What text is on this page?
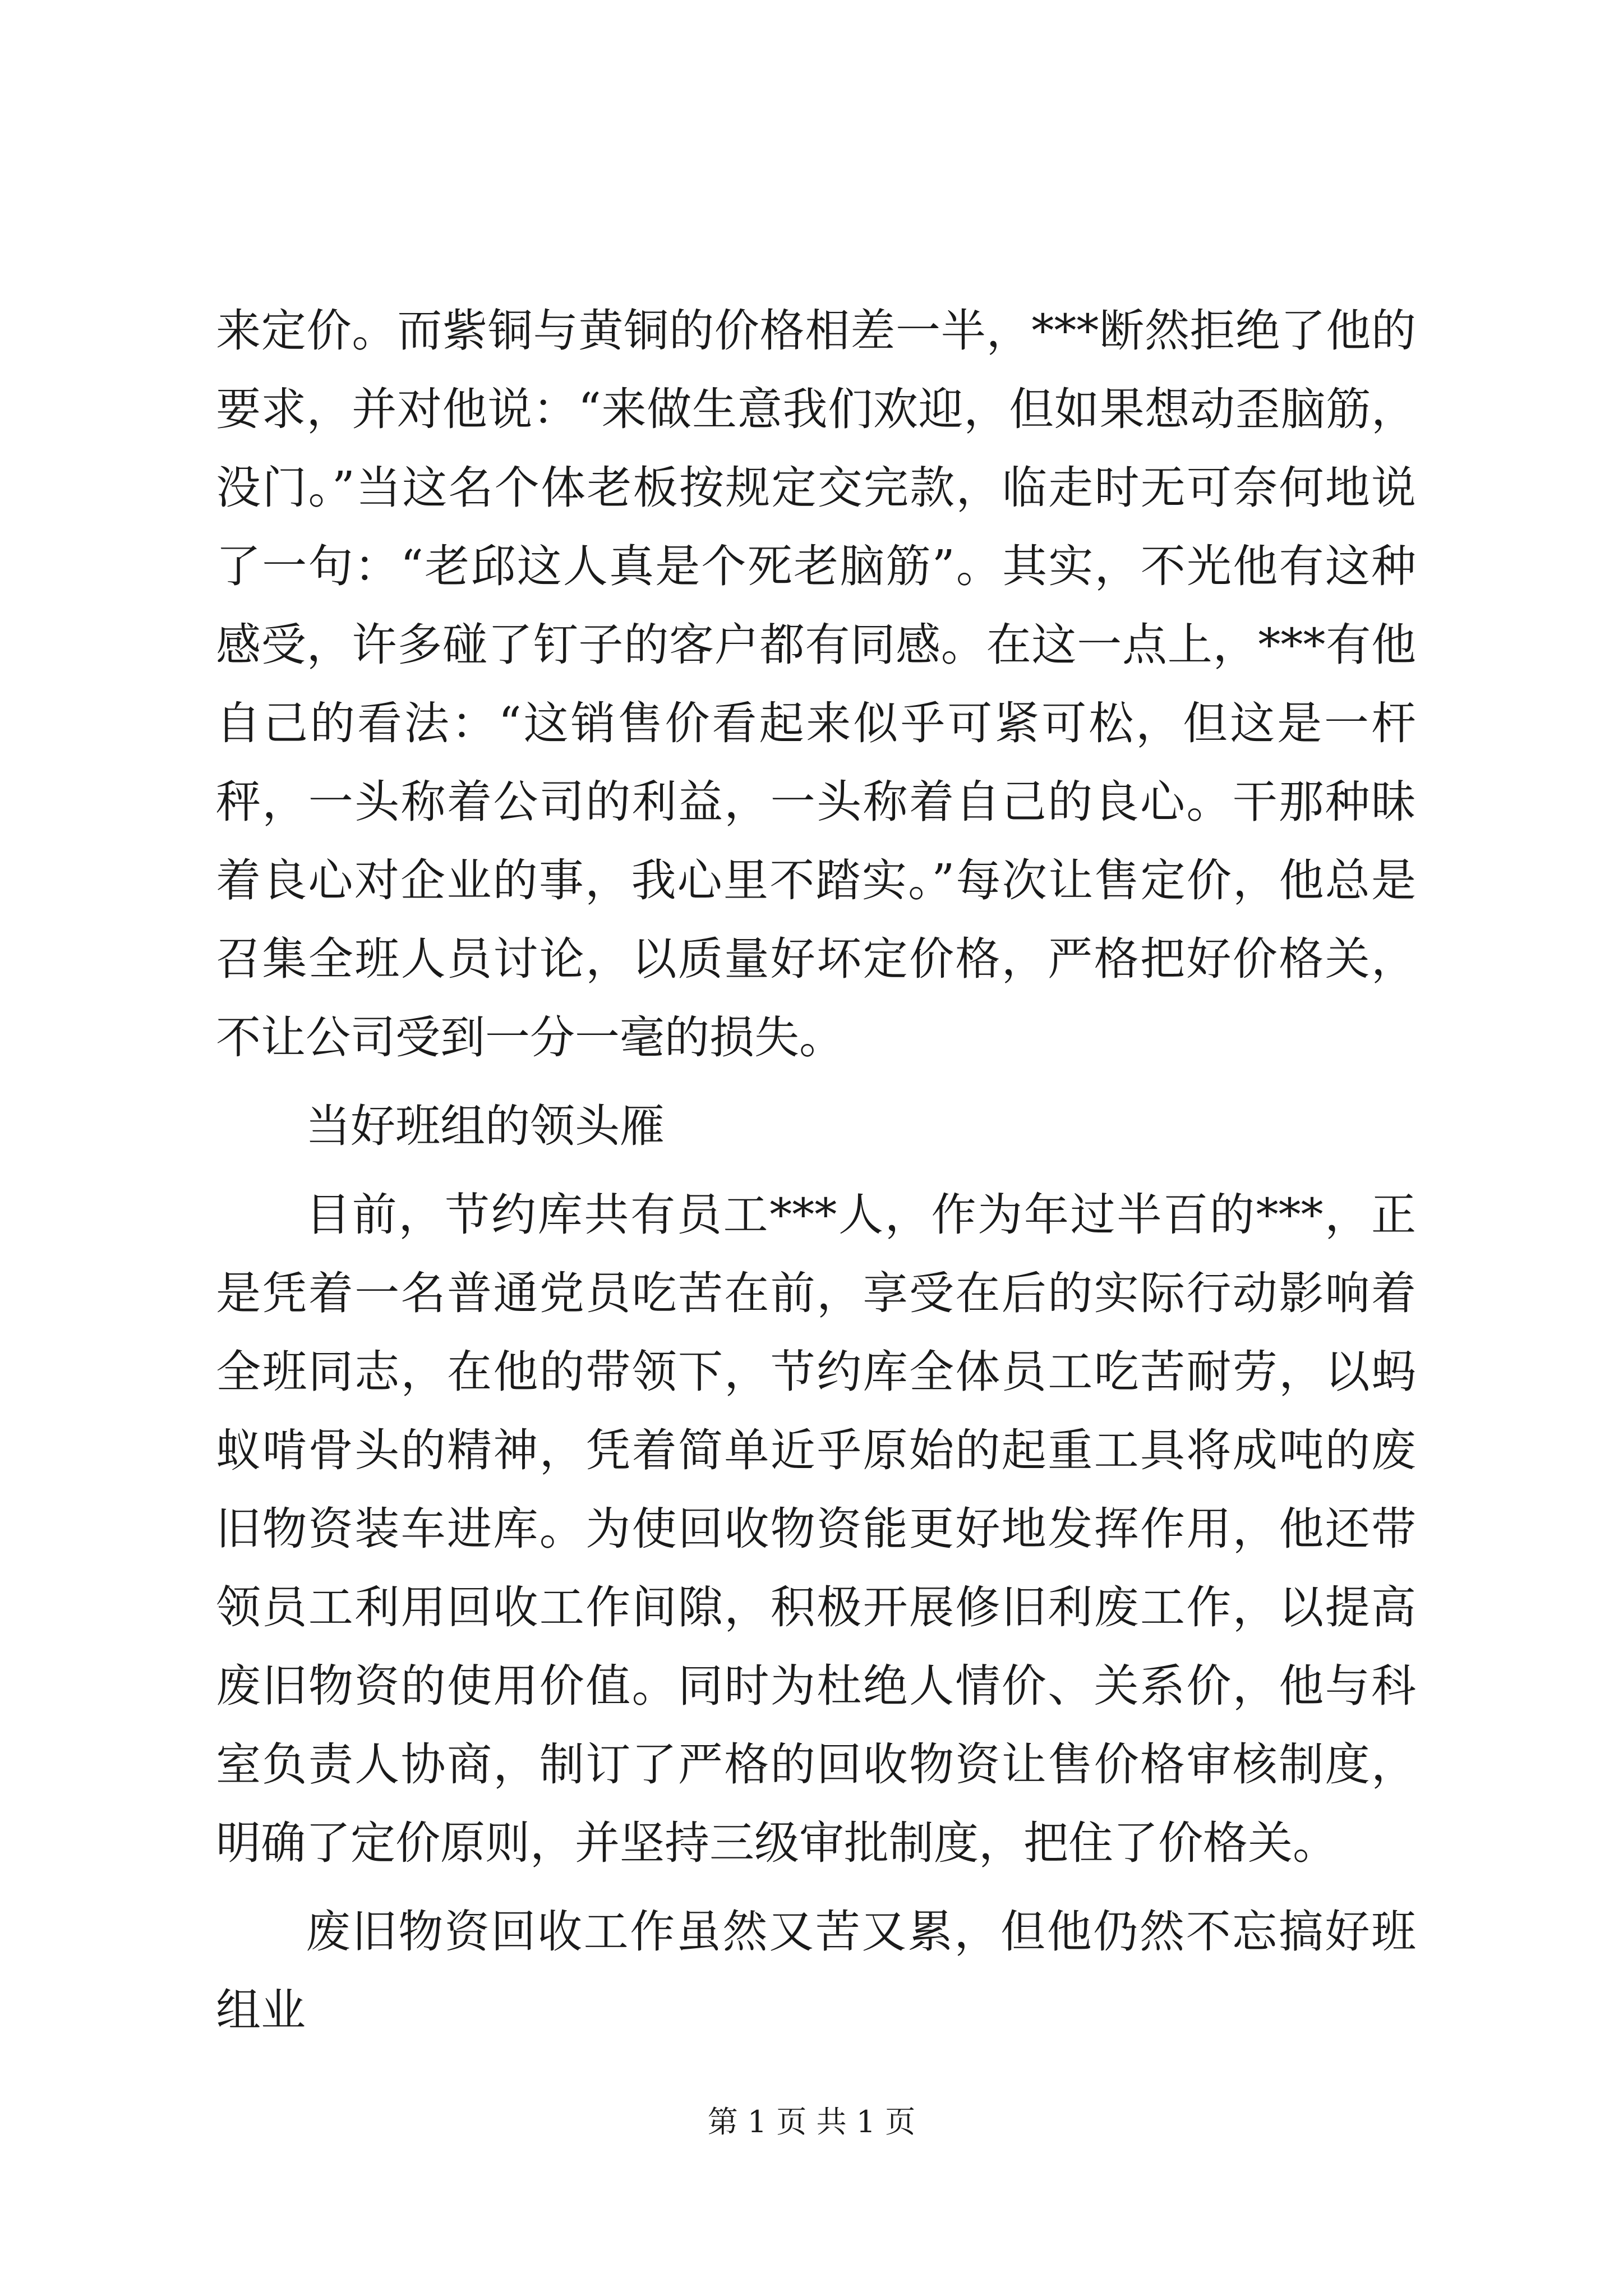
来定价。而紫铜与黄铜的价格相差一半，***断然拒绝了他的要求，并对他说：“来做生意我们欢迎，但如果想动歪脑筋，没门。”当这名个体老板按规定交完款，临走时无可奈何地说了一句：“老邱这人真是个死老脑筋”。其实，不光他有这种感受，许多碰了钉子的客户都有同感。在这一点上，***有他自己的看法：“这销售价看起来似乎可紧可松，但这是一杆秤，一头称着公司的利益，一头称着自己的良心。干那种昧着良心对企业的事，我心里不踏实。”每次让售定价，他总是召集全班人员讨论，以质量好坏定价格，严格把好价格关，不让公司受到一分一毫的损失。

当好班组的领头雁

目前，节约库共有员工***人，作为年过半百的***，正是凭着一名普通党员吃苦在前，享受在后的实际行动影响着全班同志，在他的带领下，节约库全体员工吃苦耐劳，以蚂蚁啃骨头的精神，凭着简单近乎原始的起重工具将成吨的废旧物资装车进库。为使回收物资能更好地发挥作用，他还带领员工利用回收工作间隙，积极开展修旧利废工作，以提高废旧物资的使用价值。同时为杜绝人情价、关系价，他与科室负责人协商，制订了严格的回收物资让售价格审核制度，明确了定价原则，并坚持三级审批制度，把住了价格关。

废旧物资回收工作虽然又苦又累，但他仍然不忘搞好班组业

第 1 页 共 1 页
